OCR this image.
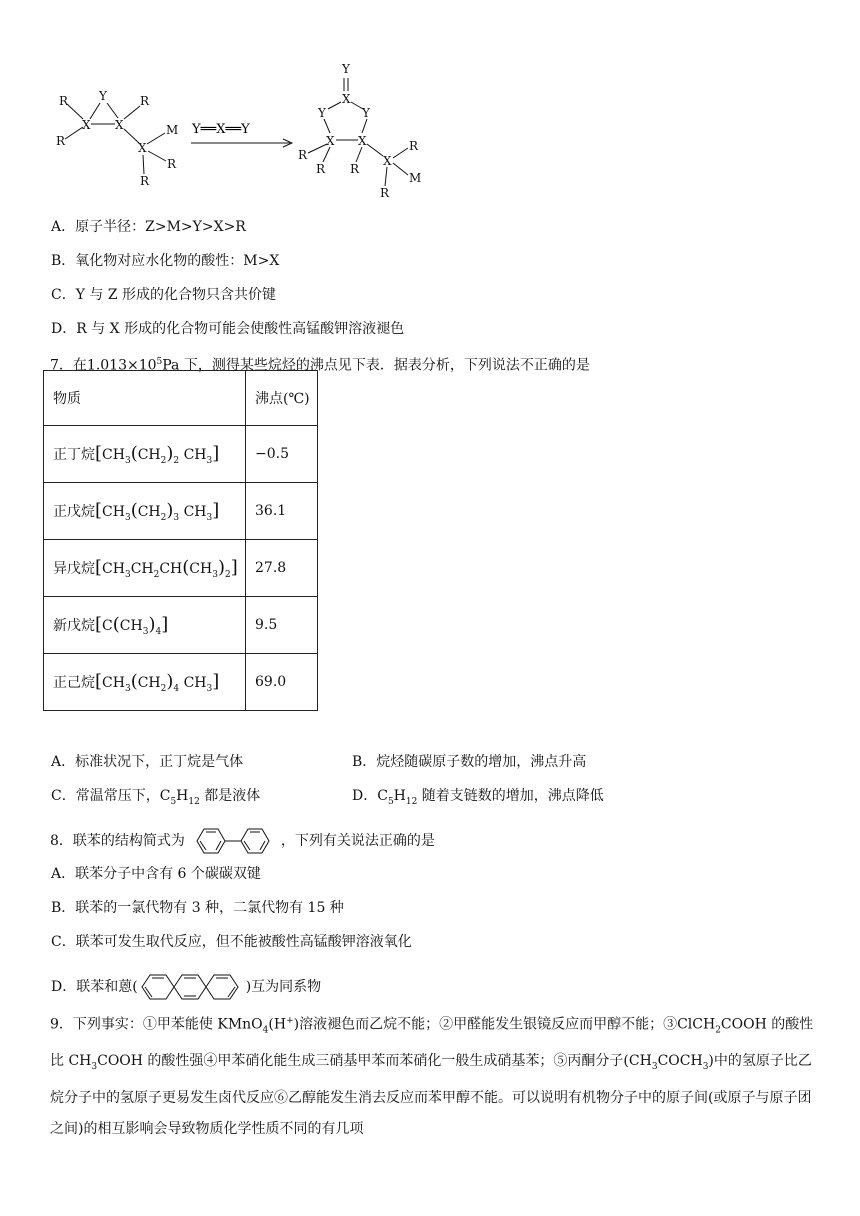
R
R
Y	R
M
X X
X
R
R
Y══X══Y
Y
X
Y	Y
X X
X
R
R R
R
R
M
A．原子半径：Z>M>Y>X>R
B．氧化物对应水化物的酸性：M>X
C．Y 与 Z 形成的化合物只含共价键
D．R 与 X 形成的化合物可能会使酸性高锰酸钾溶液褪色
7．在$1.013\times 10^5Pa$ 下，测得某些烷烃的沸点见下表．据表分析，下列说法不正确的是
物质	沸点(℃)
正丁烷[$CH_3(CH_2)_2$ $CH_3$]	−0.5
正戊烷[$CH_3(CH_2)_3$ $CH_3$]	36.1
异戊烷$[CH_3CH_2CH(CH_3)_2]$	27.8
新戊烷$[C(CH_3)_4]$	9.5
正己烷[$CH_3(CH_2)_4$ $CH_3$]	69.0
A．标准状况下，正丁烷是气体	B．烷烃随碳原子数的增加，沸点升高
C．常温常压下，$C_5H_{12}$ 都是液体	D．$C_5H_{12}$ 随着支链数的增加，沸点降低
8．联苯的结构简式为	，下列有关说法正确的是
A．联苯分子中含有 6 个碳碳双键
B．联苯的一氯代物有 3 种，二氯代物有 15 种
C．联苯可发生取代反应，但不能被酸性高锰酸钾溶液氧化
D．联苯和蒽(	)互为同系物
9．下列事实：①甲苯能使 KMnO$_4$(H+)溶液褪色而乙烷不能；②甲醛能发生银镜反应而甲醇不能；③ClCH$_2$COOH 的酸性比 $CH_3COOH$ 的酸性强④甲苯硝化能生成三硝基甲苯而苯硝化一般生成硝基苯；⑤丙酮分子$(CH_3COCH_3)$中的氢原子比乙烷分子中的氢原子更易发生卤代反应⑥乙醇能发生消去反应而苯甲醇不能。可以说明有机物分子中的原子间(或原子与原子团之间)的相互影响会导致物质化学性质不同的有几项
